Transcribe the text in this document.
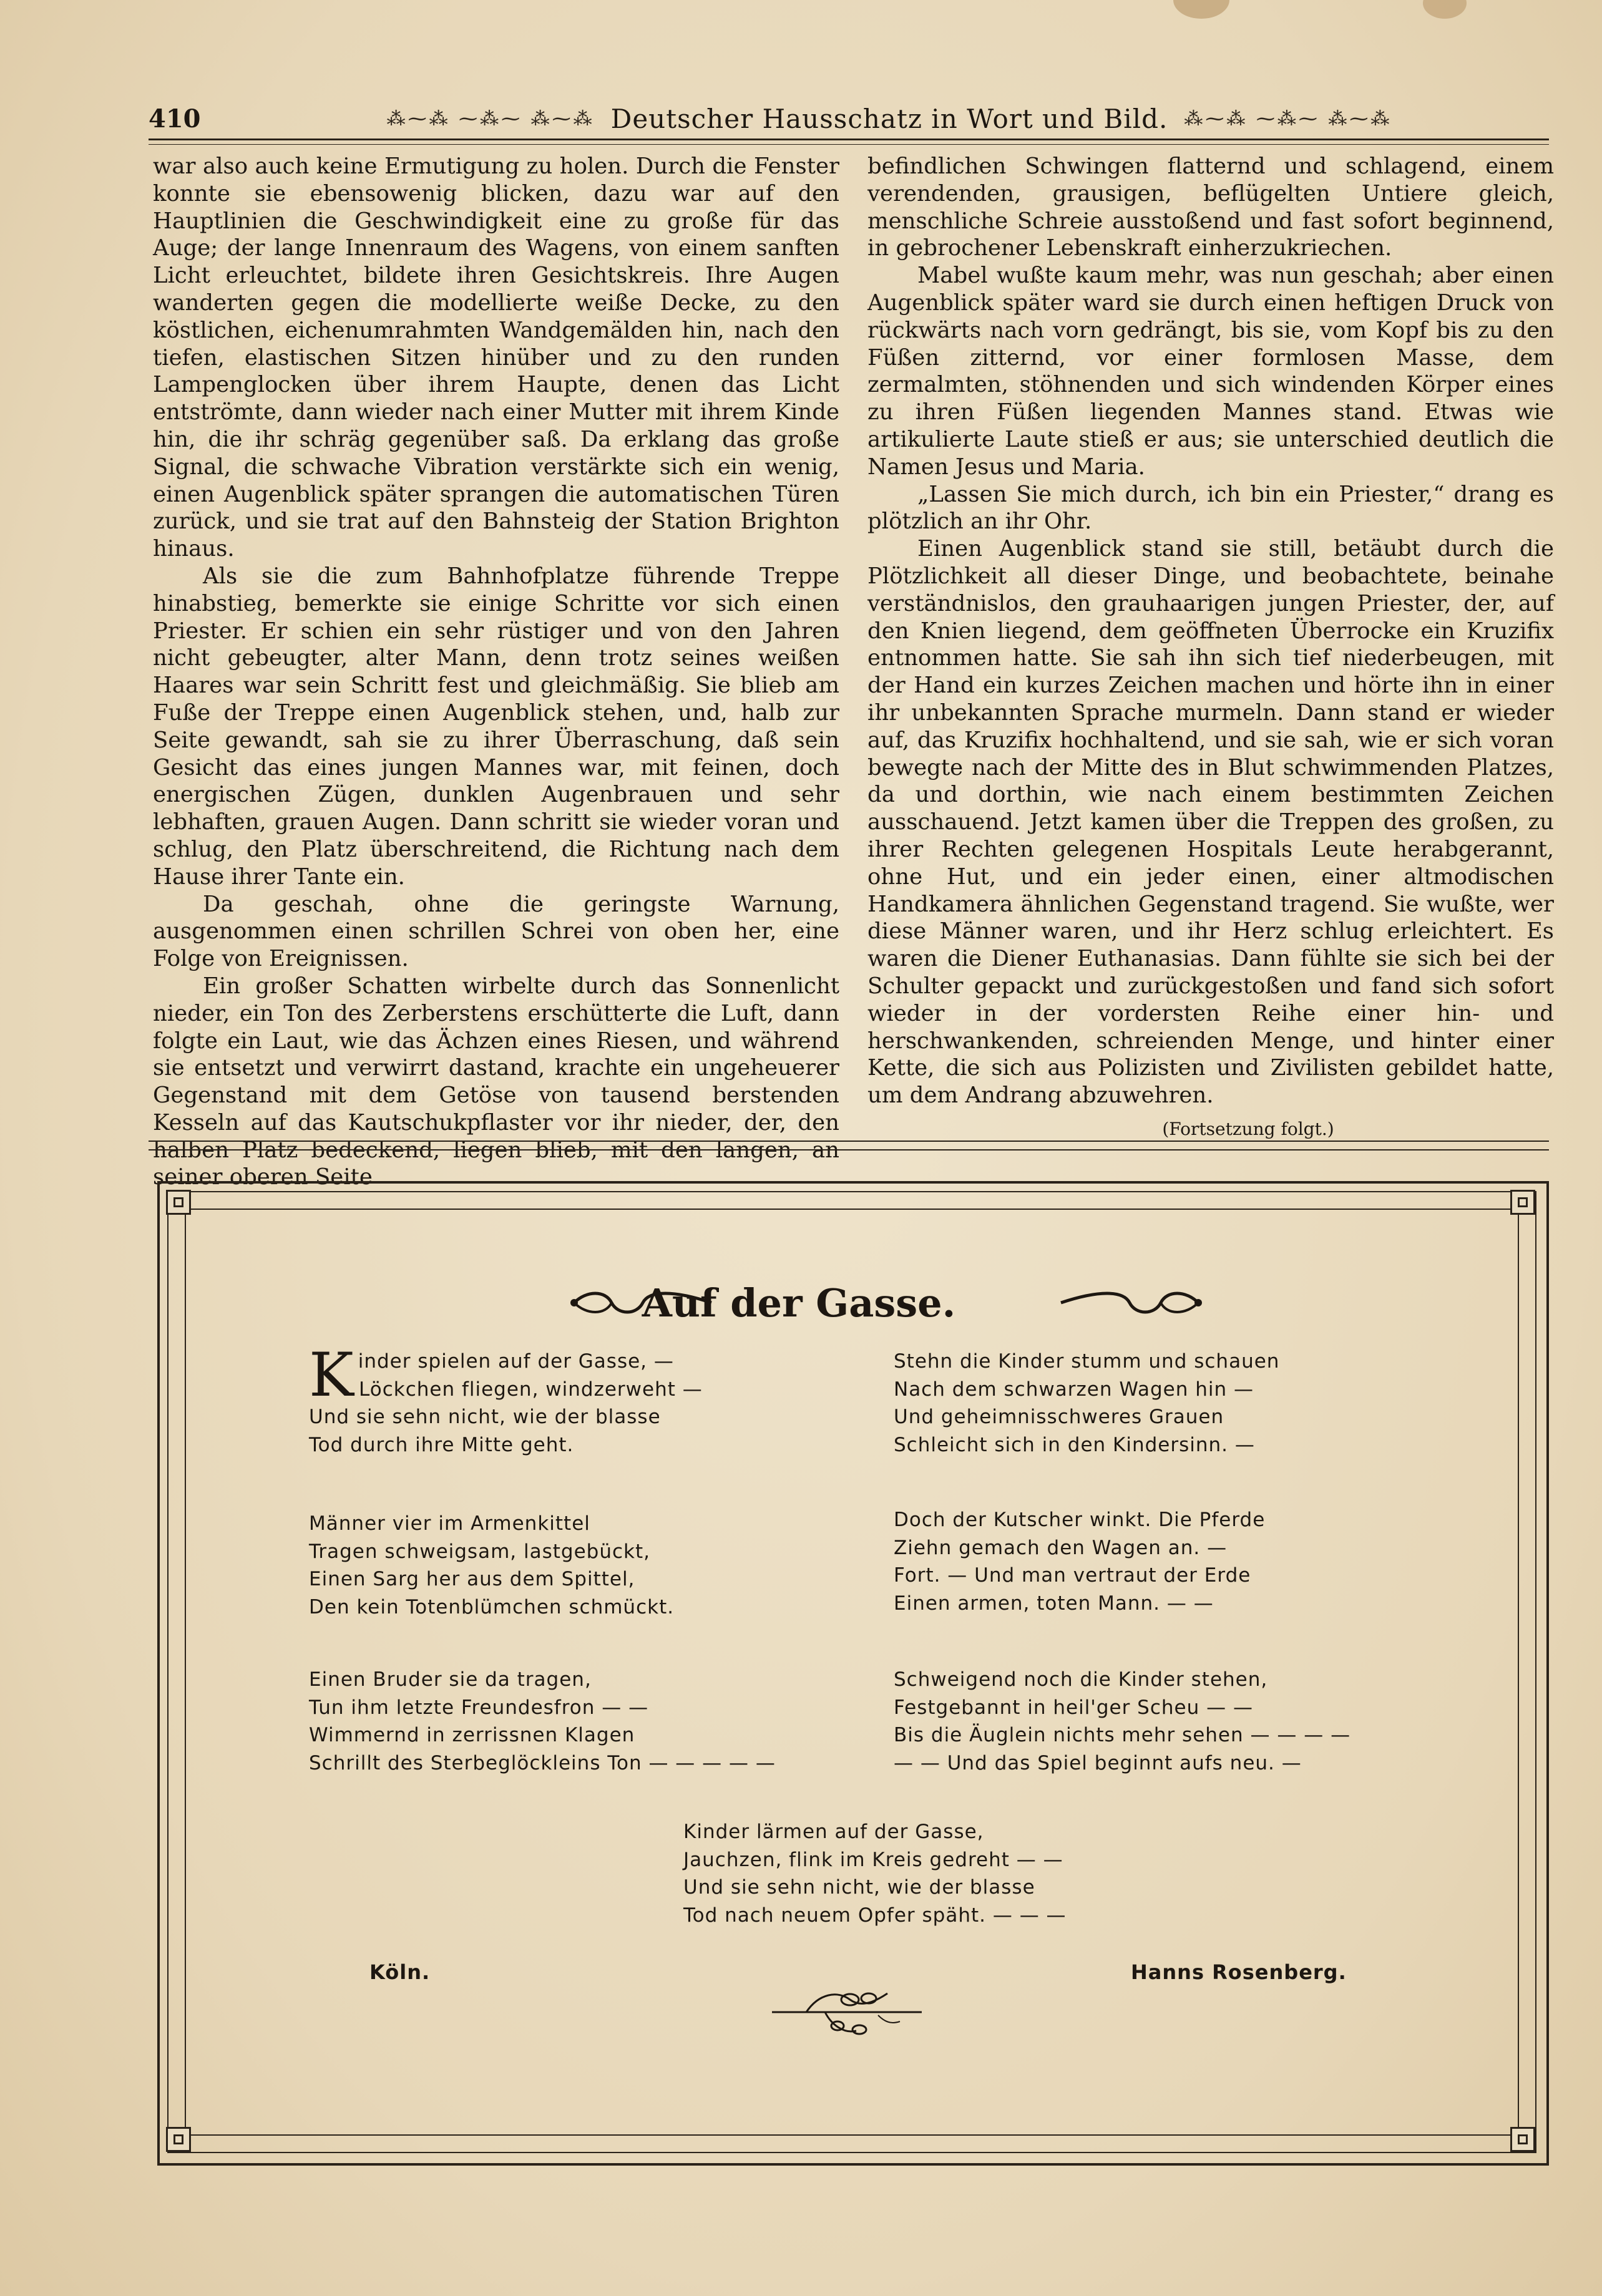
410	⁂⁓⁂ ⁓⁂⁓ ⁂⁓⁂ Deutscher Hausschatz in Wort und Bild. ⁂⁓⁂ ⁓⁂⁓ ⁂⁓⁂

war also auch keine Ermutigung zu holen. Durch die Fenster konnte sie ebensowenig blicken, dazu war auf den Hauptlinien die Geschwindigkeit eine zu große für das Auge; der lange Innenraum des Wagens, von einem sanften Licht erleuchtet, bildete ihren Gesichtskreis. Ihre Augen wanderten gegen die modellierte weiße Decke, zu den köstlichen, eichenumrahmten Wandgemälden hin, nach den tiefen, elastischen Sitzen hinüber und zu den runden Lampenglocken über ihrem Haupte, denen das Licht entströmte, dann wieder nach einer Mutter mit ihrem Kinde hin, die ihr schräg gegenüber saß. Da erklang das große Signal, die schwache Vibration verstärkte sich ein wenig, einen Augenblick später sprangen die automatischen Türen zurück, und sie trat auf den Bahnsteig der Station Brighton hinaus.

Als sie die zum Bahnhofplatze führende Treppe hinabstieg, bemerkte sie einige Schritte vor sich einen Priester. Er schien ein sehr rüstiger und von den Jahren nicht gebeugter, alter Mann, denn trotz seines weißen Haares war sein Schritt fest und gleichmäßig. Sie blieb am Fuße der Treppe einen Augenblick stehen, und, halb zur Seite gewandt, sah sie zu ihrer Überraschung, daß sein Gesicht das eines jungen Mannes war, mit feinen, doch energischen Zügen, dunklen Augenbrauen und sehr lebhaften, grauen Augen. Dann schritt sie wieder voran und schlug, den Platz überschreitend, die Richtung nach dem Hause ihrer Tante ein.

Da geschah, ohne die geringste Warnung, ausgenommen einen schrillen Schrei von oben her, eine Folge von Ereignissen.

Ein großer Schatten wirbelte durch das Sonnenlicht nieder, ein Ton des Zerberstens erschütterte die Luft, dann folgte ein Laut, wie das Ächzen eines Riesen, und während sie entsetzt und verwirrt dastand, krachte ein ungeheuerer Gegenstand mit dem Getöse von tausend berstenden Kesseln auf das Kautschukpflaster vor ihr nieder, der, den halben Platz bedeckend, liegen blieb, mit den langen, an seiner oberen Seite

befindlichen Schwingen flatternd und schlagend, einem verendenden, grausigen, beflügelten Untiere gleich, menschliche Schreie ausstoßend und fast sofort beginnend, in gebrochener Lebenskraft einherzukriechen.

Mabel wußte kaum mehr, was nun geschah; aber einen Augenblick später ward sie durch einen heftigen Druck von rückwärts nach vorn gedrängt, bis sie, vom Kopf bis zu den Füßen zitternd, vor einer formlosen Masse, dem zermalmten, stöhnenden und sich windenden Körper eines zu ihren Füßen liegenden Mannes stand. Etwas wie artikulierte Laute stieß er aus; sie unterschied deutlich die Namen Jesus und Maria.

„Lassen Sie mich durch, ich bin ein Priester,“ drang es plötzlich an ihr Ohr.

Einen Augenblick stand sie still, betäubt durch die Plötzlichkeit all dieser Dinge, und beobachtete, beinahe verständnislos, den grauhaarigen jungen Priester, der, auf den Knien liegend, dem geöffneten Überrocke ein Kruzifix entnommen hatte. Sie sah ihn sich tief niederbeugen, mit der Hand ein kurzes Zeichen machen und hörte ihn in einer ihr unbekannten Sprache murmeln. Dann stand er wieder auf, das Kruzifix hochhaltend, und sie sah, wie er sich voran bewegte nach der Mitte des in Blut schwimmenden Platzes, da und dorthin, wie nach einem bestimmten Zeichen ausschauend. Jetzt kamen über die Treppen des großen, zu ihrer Rechten gelegenen Hospitals Leute herabgerannt, ohne Hut, und ein jeder einen, einer altmodischen Handkamera ähnlichen Gegenstand tragend. Sie wußte, wer diese Männer waren, und ihr Herz schlug erleichtert. Es waren die Diener Euthanasias. Dann fühlte sie sich bei der Schulter gepackt und zurückgestoßen und fand sich sofort wieder in der vordersten Reihe einer hin- und herschwankenden, schreienden Menge, und hinter einer Kette, die sich aus Polizisten und Zivilisten gebildet hatte, um dem Andrang abzuwehren.

(Fortsetzung folgt.)
Auf der Gasse.
K inder spielen auf der Gasse, —
Löckchen fliegen, windzerweht —
Und sie sehn nicht, wie der blasse
Tod durch ihre Mitte geht.
Männer vier im Armenkittel
Tragen schweigsam, lastgebückt,
Einen Sarg her aus dem Spittel,
Den kein Totenblümchen schmückt.
Einen Bruder sie da tragen,
Tun ihm letzte Freundesfron — —
Wimmernd in zerrissnen Klagen
Schrillt des Sterbeglöckleins Ton — — — — —
Stehn die Kinder stumm und schauen
Nach dem schwarzen Wagen hin —
Und geheimnisschweres Grauen
Schleicht sich in den Kindersinn. —
Doch der Kutscher winkt. Die Pferde
Ziehn gemach den Wagen an. —
Fort. — Und man vertraut der Erde
Einen armen, toten Mann. — —
Schweigend noch die Kinder stehen,
Festgebannt in heil'ger Scheu — —
Bis die Äuglein nichts mehr sehen — — — —
— — Und das Spiel beginnt aufs neu. —
Kinder lärmen auf der Gasse,
Jauchzen, flink im Kreis gedreht — —
Und sie sehn nicht, wie der blasse
Tod nach neuem Opfer späht. — — —
Köln.	Hanns Rosenberg.
